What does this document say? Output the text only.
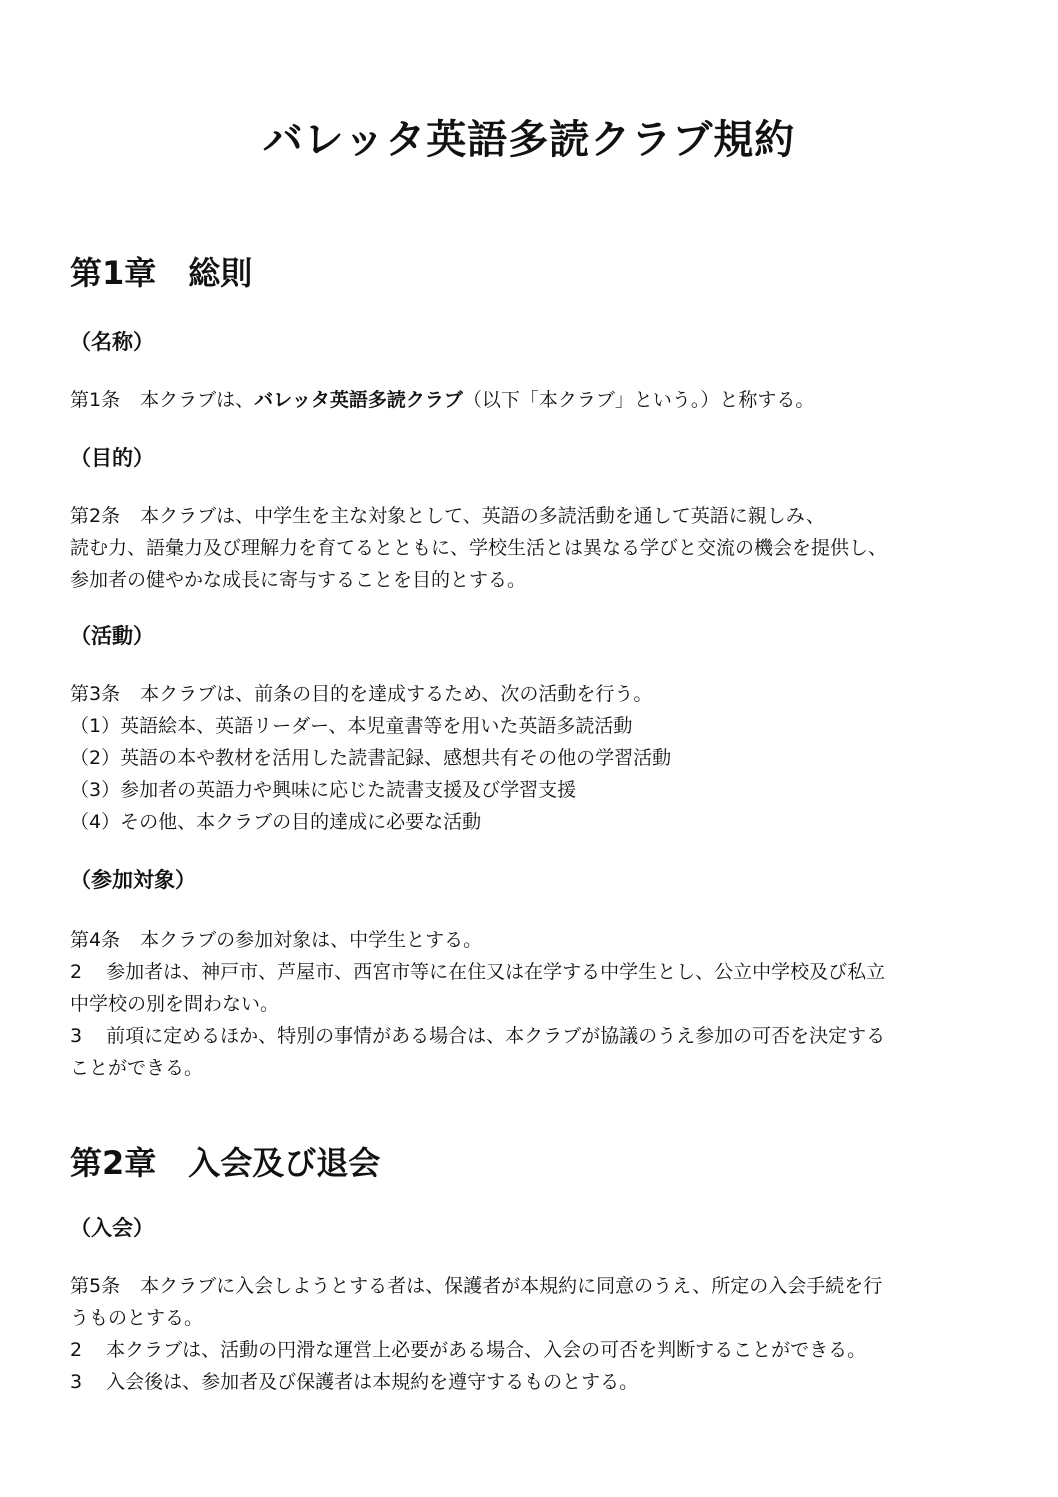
バレッタ英語多読クラブ規約
第1章 総則
（名称）

第1条 本クラブは、バレッタ英語多読クラブ（以下「本クラブ」という。）と称する。

（目的）

第2条 本クラブは、中学生を主な対象として、英語の多読活動を通して英語に親しみ、
読む力、語彙力及び理解力を育てるとともに、学校生活とは異なる学びと交流の機会を提供し、
参加者の健やかな成長に寄与することを目的とする。

（活動）
第3条 本クラブは、前条の目的を達成するため、次の活動を行う。
（1）英語絵本、英語リーダー、本児童書等を用いた英語多読活動
（2）英語の本や教材を活用した読書記録、感想共有その他の学習活動
（3）参加者の英語力や興味に応じた読書支援及び学習支援
（4）その他、本クラブの目的達成に必要な活動
（参加対象）
第4条 本クラブの参加対象は、中学生とする。
2 参加者は、神戸市、芦屋市、西宮市等に在住又は在学する中学生とし、公立中学校及び私立
中学校の別を問わない。
3 前項に定めるほか、特別の事情がある場合は、本クラブが協議のうえ参加の可否を決定する
ことができる。
第2章 入会及び退会
（入会）
第5条 本クラブに入会しようとする者は、保護者が本規約に同意のうえ、所定の入会手続を行
うものとする。
2 本クラブは、活動の円滑な運営上必要がある場合、入会の可否を判断することができる。
3 入会後は、参加者及び保護者は本規約を遵守するものとする。
